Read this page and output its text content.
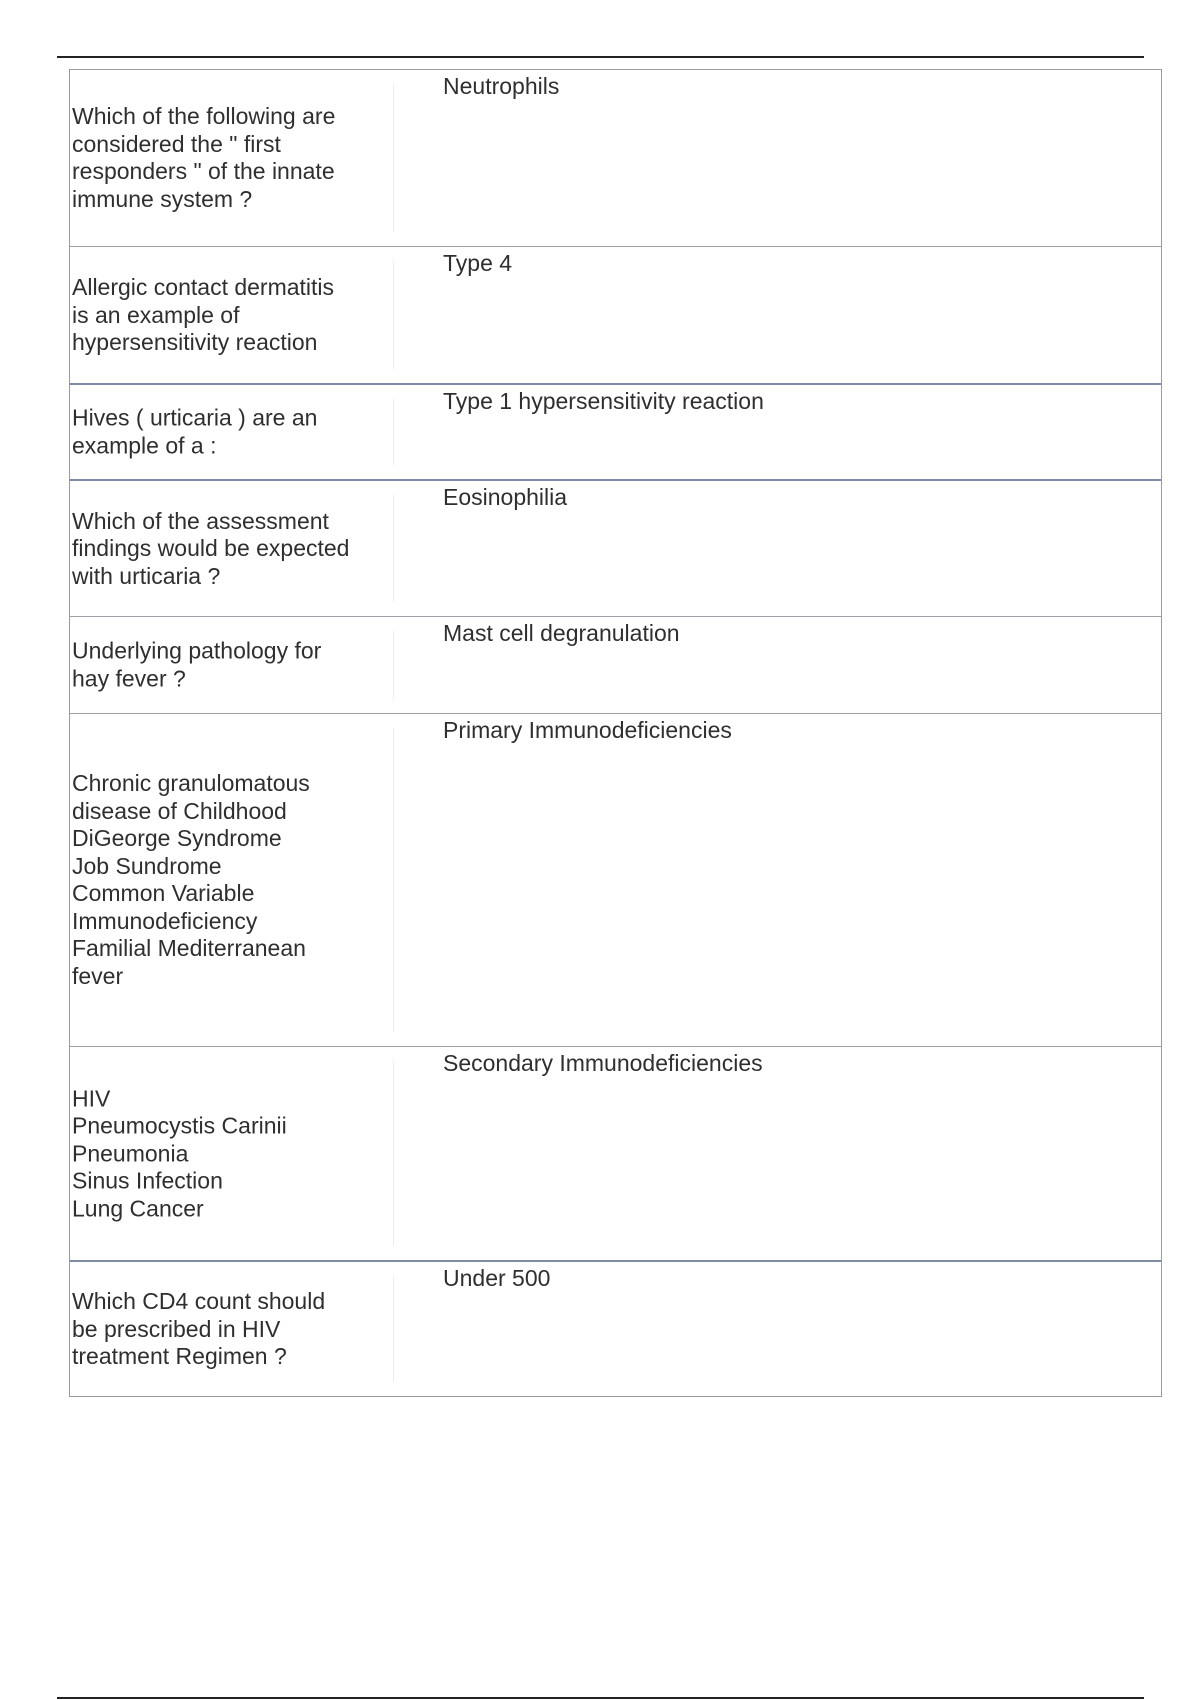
Which of the following are
considered the " first
responders " of the innate
immune system ?
Neutrophils
Allergic contact dermatitis
is an example of
hypersensitivity reaction
Type 4
Hives ( urticaria ) are an
example of a :
Type 1 hypersensitivity reaction
Which of the assessment
findings would be expected
with urticaria ?
Eosinophilia
Underlying pathology for
hay fever ?
Mast cell degranulation
Chronic granulomatous
disease of Childhood
DiGeorge Syndrome
Job Sundrome
Common Variable
Immunodeficiency
Familial Mediterranean
fever
Primary Immunodeficiencies
HIV
Pneumocystis Carinii
Pneumonia
Sinus Infection
Lung Cancer
Secondary Immunodeficiencies
Which CD4 count should
be prescribed in HIV
treatment Regimen ?
Under 500
